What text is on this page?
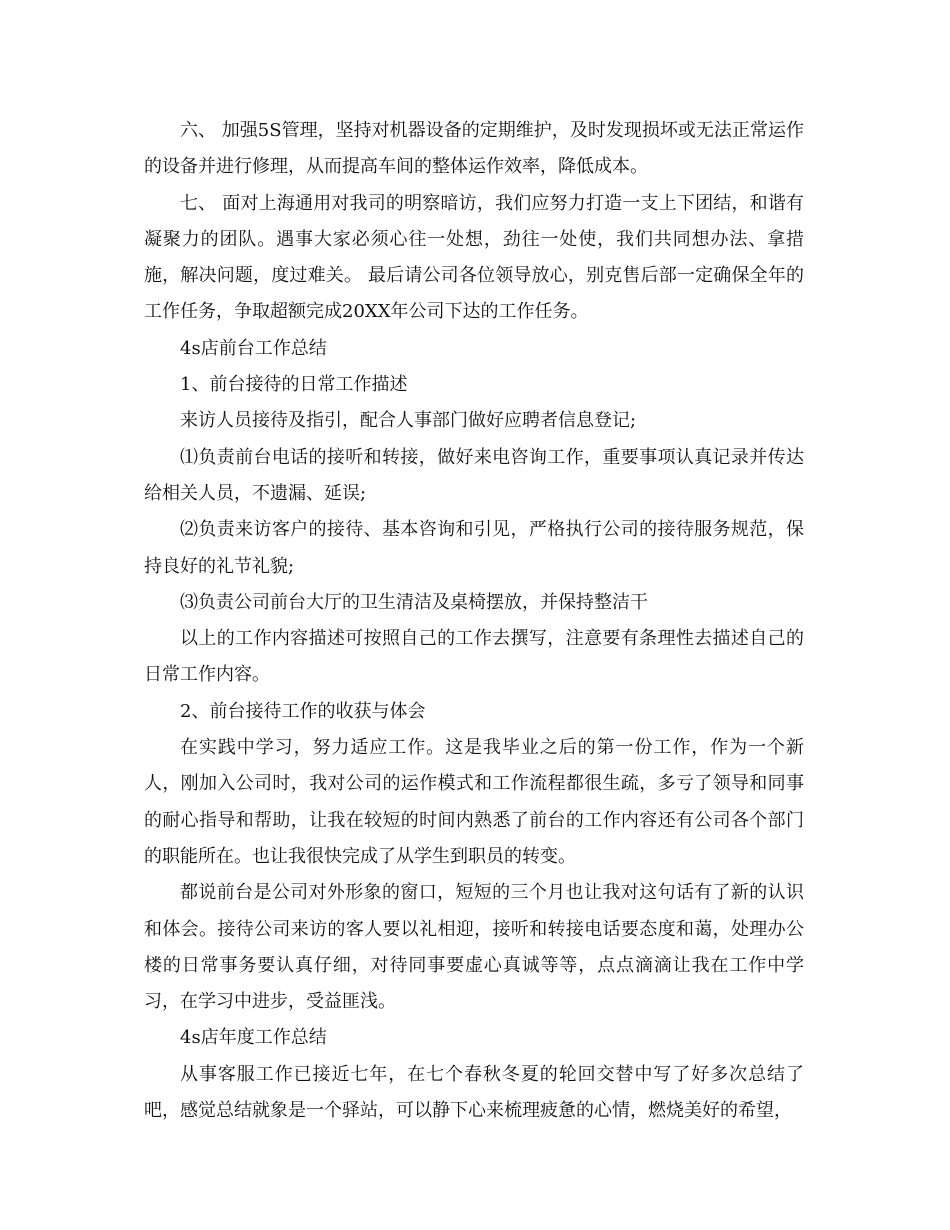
六、 加强5S管理，坚持对机器设备的定期维护，及时发现损坏或无法正常运作的设备并进行修理，从而提高车间的整体运作效率，降低成本。

七、 面对上海通用对我司的明察暗访，我们应努力打造一支上下团结，和谐有凝聚力的团队。遇事大家必须心往一处想，劲往一处使，我们共同想办法、拿措施，解决问题，度过难关。 最后请公司各位领导放心，别克售后部一定确保全年的工作任务，争取超额完成20XX年公司下达的工作任务。

4s店前台工作总结

1、前台接待的日常工作描述

来访人员接待及指引，配合人事部门做好应聘者信息登记;

⑴负责前台电话的接听和转接，做好来电咨询工作，重要事项认真记录并传达给相关人员，不遗漏、延误;

⑵负责来访客户的接待、基本咨询和引见，严格执行公司的接待服务规范，保持良好的礼节礼貌;

⑶负责公司前台大厅的卫生清洁及桌椅摆放，并保持整洁干

以上的工作内容描述可按照自己的工作去撰写，注意要有条理性去描述自己的日常工作内容。

2、前台接待工作的收获与体会

在实践中学习，努力适应工作。这是我毕业之后的第一份工作，作为一个新人，刚加入公司时，我对公司的运作模式和工作流程都很生疏，多亏了领导和同事的耐心指导和帮助，让我在较短的时间内熟悉了前台的工作内容还有公司各个部门的职能所在。也让我很快完成了从学生到职员的转变。

都说前台是公司对外形象的窗口，短短的三个月也让我对这句话有了新的认识和体会。接待公司来访的客人要以礼相迎，接听和转接电话要态度和蔼，处理办公楼的日常事务要认真仔细，对待同事要虚心真诚等等，点点滴滴让我在工作中学习，在学习中进步，受益匪浅。

4s店年度工作总结

从事客服工作已接近七年，在七个春秋冬夏的轮回交替中写了好多次总结了吧，感觉总结就象是一个驿站，可以静下心来梳理疲惫的心情，燃烧美好的希望，
